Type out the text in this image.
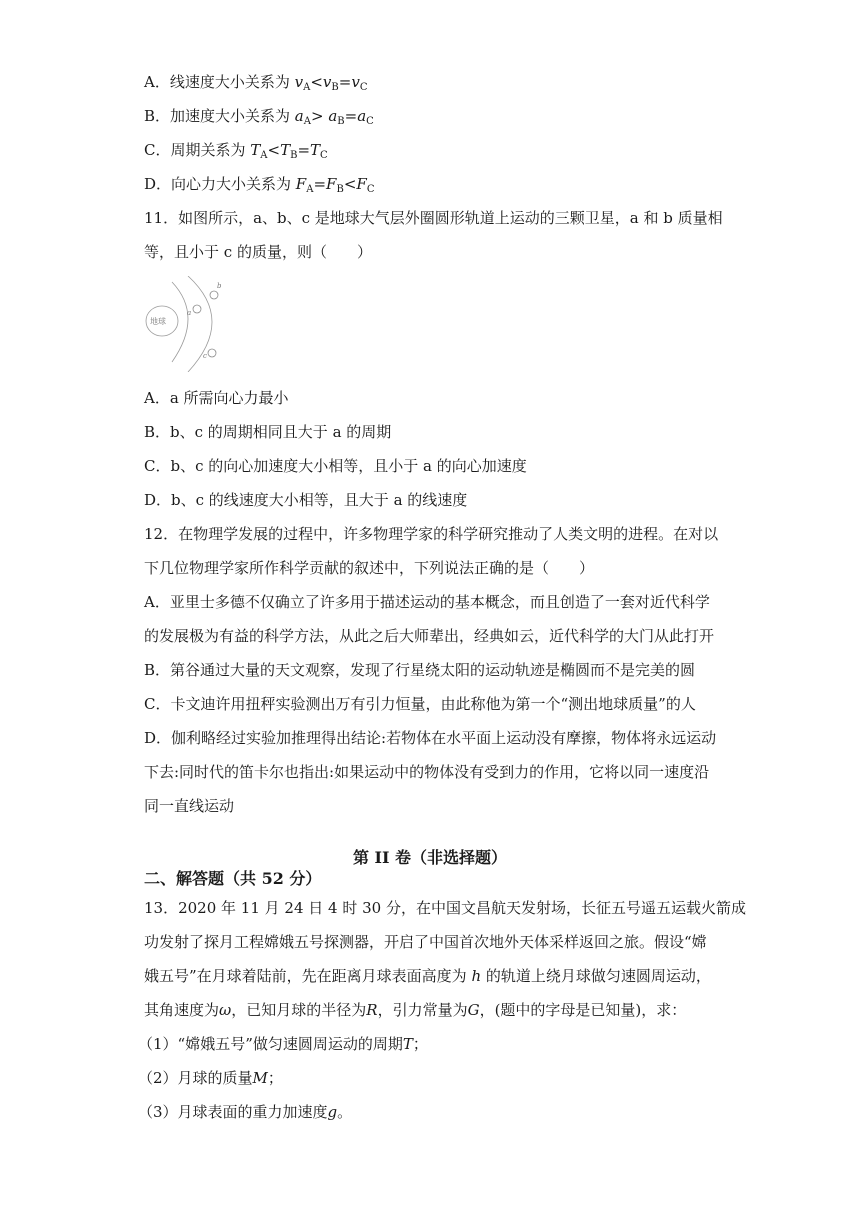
A．线速度大小关系为 $v_A<v_B=v_C$
B．加速度大小关系为 $a_A> a_B=a_C$
C．周期关系为 $T_A<T_B=T_C$
D．向心力大小关系为 $F_A=F_B<F_C$
11．如图所示，a、b、c 是地球大气层外圈圆形轨道上运动的三颗卫星，a 和 b 质量相
等，且小于 c 的质量，则（　　）
地球
a
b
c
A．a 所需向心力最小
B．b、c 的周期相同且大于 a 的周期
C．b、c 的向心加速度大小相等，且小于 a 的向心加速度
D．b、c 的线速度大小相等，且大于 a 的线速度
12．在物理学发展的过程中，许多物理学家的科学研究推动了人类文明的进程。在对以
下几位物理学家所作科学贡献的叙述中，下列说法正确的是（　　）
A．亚里士多德不仅确立了许多用于描述运动的基本概念，而且创造了一套对近代科学
的发展极为有益的科学方法，从此之后大师辈出，经典如云，近代科学的大门从此打开
B．第谷通过大量的天文观察，发现了行星绕太阳的运动轨迹是椭圆而不是完美的圆
C．卡文迪许用扭秤实验测出万有引力恒量，由此称他为第一个“测出地球质量”的人
D．伽利略经过实验加推理得出结论:若物体在水平面上运动没有摩擦，物体将永远运动
下去:同时代的笛卡尔也指出:如果运动中的物体没有受到力的作用，它将以同一速度沿
同一直线运动
第 II 卷（非选择题）
二、解答题（共 52 分）
13．2020 年 11 月 24 日 4 时 30 分，在中国文昌航天发射场，长征五号遥五运载火箭成
功发射了探月工程嫦娥五号探测器，开启了中国首次地外天体采样返回之旅。假设“嫦
娥五号”在月球着陆前，先在距离月球表面高度为 h 的轨道上绕月球做匀速圆周运动，
其角速度为ω，已知月球的半径为R，引力常量为G，(题中的字母是已知量)，求：
（1）“嫦娥五号”做匀速圆周运动的周期T；
（2）月球的质量M；
（3）月球表面的重力加速度g。
